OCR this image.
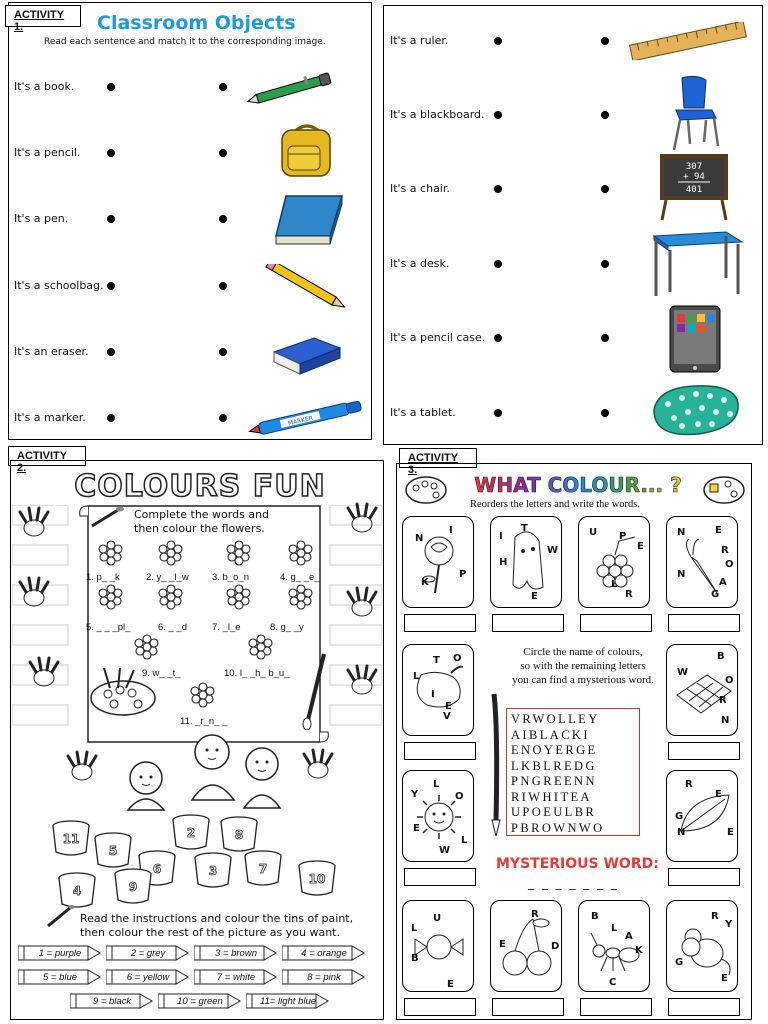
ACTIVITY 1.	Classroom Objects
Read each sentence and match it to the corresponding image.
It's a book.
It's a pencil.
It's a pen.
It's a schoolbag.
It's an eraser.
It's a marker.	MARKER
It's a ruler.
It's a blackboard.
It's a chair.
It's a desk.
It's a pencil case.
It's a tablet.
307
+ 94
401
ACTIVITY 2.
COLOURS FUN
Complete the words and
then colour the flowers.
1. p_ _k	2. y_ _l_w 3. b_o_n	4. g_ _e_
5. _ _ _pl_	6. _ _d	7. _l_e	8. g_ _y
9. w_ _t_	10. l_ _h_ b_u_
11. _r_n_ _
11
5
2	8
6
9
3	7
4
10
Read the instructions and colour the tins of paint,
then colour the rest of the picture as you want.
1 = purple	2 = grey	3 = brown	4 = orange
5 = blue	6 = yellow	7 = white	8 = pink
9 = black	10 = green	11= light blue
ACTIVITY 3.
WHAT COLOUR... ?
Reorders the letters and write the words.
N
I
K
P
I
T
W
H
E
U P
E
L
R
E
R
O
N
A
G
N
L
T O
I
E
V
B
W
O
R
N
Y
L
O
E
W
L
R
E
G
N	E
L
U
B
E
R
E	D
B
L
A
K
C
R
Y
G
E
Circle the name of colours,
so with the remaining letters
you can find a mysterious word.
VRWOLLEY
AIBLACKI
ENOYERGE
LKBLREDG
PNGREENN
RIWHITEA
UPOEULBR
PBROWNWO
MYSTERIOUS WORD:
_ _ _ _ _ _ _
